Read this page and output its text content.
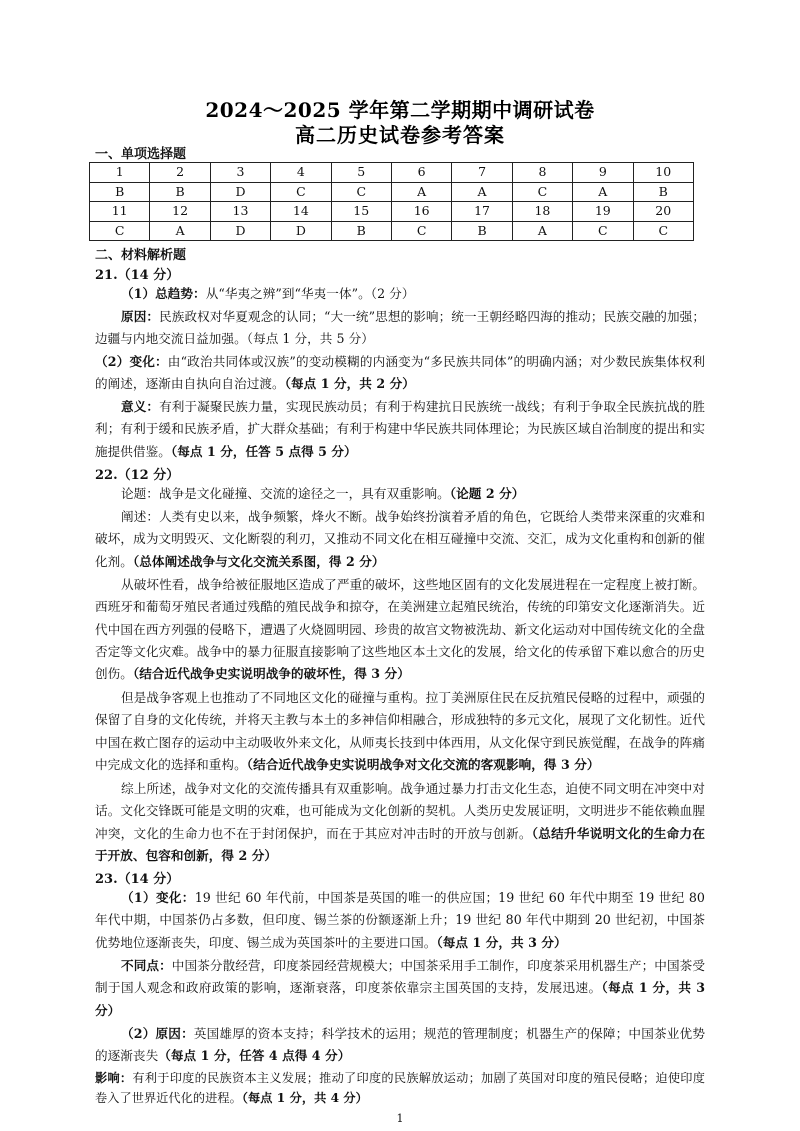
2024～2025 学年第二学期期中调研试卷
高二历史试卷参考答案
一、单项选择题
1	2	3	4	5	6	7	8	9	10
B	B	D	C	C	A	A	C	A	B
11	12	13	14	15	16	17	18	19	20
C	A	D	D	B	C	B	A	C	C
二、材料解析题
21.（14 分）
（1）总趋势：从“华夷之辨”到“华夷一体”。（2 分）
原因：民族政权对华夏观念的认同；“大一统”思想的影响；统一王朝经略四海的推动；民族交融的加强；边疆与内地交流日益加强。（每点 1 分，共 5 分）
（2）变化：由“政治共同体或汉族”的变动模糊的内涵变为“多民族共同体”的明确内涵；对少数民族集体权利的阐述，逐渐由自执向自治过渡。（每点 1 分，共 2 分）
意义：有利于凝聚民族力量，实现民族动员；有利于构建抗日民族统一战线；有利于争取全民族抗战的胜利；有利于缓和民族矛盾，扩大群众基础；有利于构建中华民族共同体理论；为民族区域自治制度的提出和实施提供借鉴。（每点 1 分，任答 5 点得 5 分）
22.（12 分）
论题：战争是文化碰撞、交流的途径之一，具有双重影响。（论题 2 分）
阐述：人类有史以来，战争频繁，烽火不断。战争始终扮演着矛盾的角色，它既给人类带来深重的灾难和破坏，成为文明毁灭、文化断裂的利刃，又推动不同文化在相互碰撞中交流、交汇，成为文化重构和创新的催化剂。（总体阐述战争与文化交流关系图，得 2 分）
从破坏性看，战争给被征服地区造成了严重的破坏，这些地区固有的文化发展进程在一定程度上被打断。西班牙和葡萄牙殖民者通过残酷的殖民战争和掠夺，在美洲建立起殖民统治，传统的印第安文化逐渐消失。近代中国在西方列强的侵略下，遭遇了火烧圆明园、珍贵的故宫文物被洗劫、新文化运动对中国传统文化的全盘否定等文化灾难。战争中的暴力征服直接影响了这些地区本土文化的发展，给文化的传承留下难以愈合的历史创伤。（结合近代战争史实说明战争的破坏性，得 3 分）
但是战争客观上也推动了不同地区文化的碰撞与重构。拉丁美洲原住民在反抗殖民侵略的过程中，顽强的保留了自身的文化传统，并将天主教与本土的多神信仰相融合，形成独特的多元文化，展现了文化韧性。近代中国在救亡图存的运动中主动吸收外来文化，从师夷长技到中体西用，从文化保守到民族觉醒，在战争的阵痛中完成文化的选择和重构。（结合近代战争史实说明战争对文化交流的客观影响，得 3 分）
综上所述，战争对文化的交流传播具有双重影响。战争通过暴力打击文化生态，迫使不同文明在冲突中对话。文化交锋既可能是文明的灾难，也可能成为文化创新的契机。人类历史发展证明，文明进步不能依赖血腥冲突，文化的生命力也不在于封闭保护，而在于其应对冲击时的开放与创新。（总结升华说明文化的生命力在于开放、包容和创新，得 2 分）
23.（14 分）
（1）变化：19 世纪 60 年代前，中国茶是英国的唯一的供应国；19 世纪 60 年代中期至 19 世纪 80 年代中期，中国茶仍占多数，但印度、锡兰茶的份额逐渐上升；19 世纪 80 年代中期到 20 世纪初，中国茶优势地位逐渐丧失，印度、锡兰成为英国茶叶的主要进口国。（每点 1 分，共 3 分）
不同点：中国茶分散经营，印度茶园经营规模大；中国茶采用手工制作，印度茶采用机器生产；中国茶受制于国人观念和政府政策的影响，逐渐衰落，印度茶依靠宗主国英国的支持，发展迅速。（每点 1 分，共 3 分）
（2）原因：英国雄厚的资本支持；科学技术的运用；规范的管理制度；机器生产的保障；中国茶业优势的逐渐丧失（每点 1 分，任答 4 点得 4 分）
影响：有利于印度的民族资本主义发展；推动了印度的民族解放运动；加剧了英国对印度的殖民侵略；迫使印度卷入了世界近代化的进程。（每点 1 分，共 4 分）
1
